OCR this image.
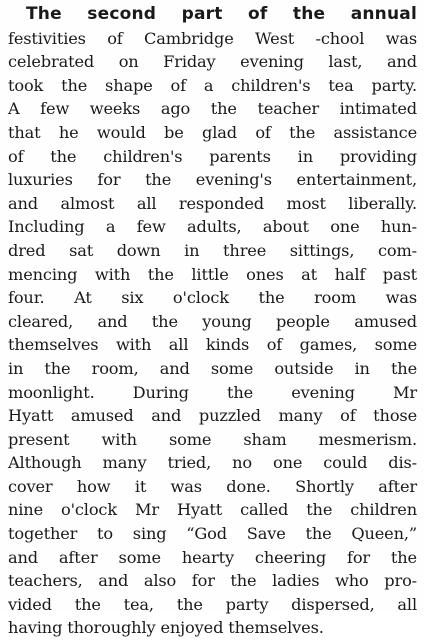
The second part of the annual
festivities of Cambridge West -chool was
celebrated on Friday evening last, and
took the shape of a children's tea party.
A few weeks ago the teacher intimated
that he would be glad of the assistance
of the children's parents in providing
luxuries for the evening's entertainment,
and almost all responded most liberally.
Including a few adults, about one hun-
dred sat down in three sittings, com-
mencing with the little ones at half past
four. At six o'clock the room was
cleared, and the young people amused
themselves with all kinds of games, some
in the room, and some outside in the
moonlight. During the evening Mr
Hyatt amused and puzzled many of those
present with some sham mesmerism.
Although many tried, no one could dis-
cover how it was done. Shortly after
nine o'clock Mr Hyatt called the children
together to sing “God Save the Queen,”
and after some hearty cheering for the
teachers, and also for the ladies who pro-
vided the tea, the party dispersed, all
having thoroughly enjoyed themselves.
